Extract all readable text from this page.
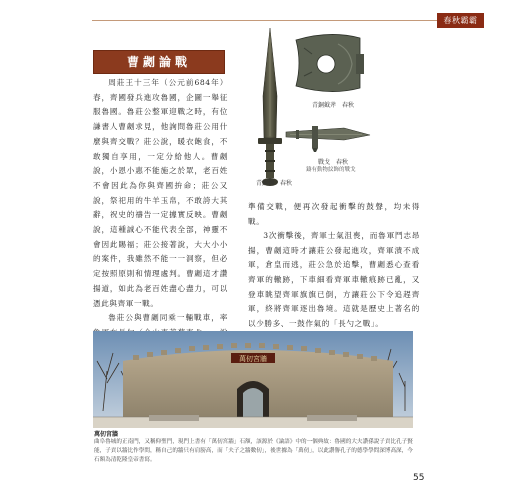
春秋霸霸
曹劌論戰

周莊王十三年（公元前684年）春，齊國發兵進攻魯國，企圖一舉征服魯國。魯莊公整軍迎戰之時，有位謙書人曹劌求見，他詢問魯莊公用什麼與齊交戰？莊公說，暖衣飽食，不敢獨自享用，一定分給他人。曹劌說，小恩小惠不能施之於眾，老百姓不會因此為你與齊國拚命；莊公又說，祭祀用的牛羊玉帛，不敢誇大其辭，祝史的禱告一定據實反映。曹劌說，這種誠心不能代表全部，神靈不會因此賜福；莊公接著說，大大小小的案件，我雖然不能一一洞察，但必定按照原則和情理處判。曹劌這才讚揚道，如此為老百姓盡心盡力，可以憑此與齊軍一戰。

魯莊公與曹劌同乘一輛戰車，率

青銅鉞斧　春秋
戰戈　春秋
鑄有動物紋飾的戰戈
青銅劍　春秋

準備交戰，便再次發起衝擊的鼓聲，均未得戰。

3次衝擊後，齊軍士氣沮喪，而魯軍鬥志昂揚，曹劌這時才讓莊公發起進攻，齊軍潰不成軍，倉皇而逃，莊公急於追擊，曹劌悉心查看齊軍的轍跡，下車細看齊軍車轍痕跡已亂，又登車眺望齊軍旗旗已倒，方讓莊公下令追趕齊軍，終將齊軍逐出魯境。這就是歷史上著名的以少勝多、一鼓作氣的「長勺之戰」。

萬仞宮牆
萬仞宮牆
曲阜魯城的正南門，又稱仰聖門，現門上書有「萬仞宮牆」石額，該源於《論語》中的一個典故：魯國的大夫讚孫說子貢比孔子賢能，子貢以牆比作學問，稱自己的牆只有肩膀高，而「夫子之牆數仞」，後世據為「萬仞」，以此讚譽孔子的德學學問深博高深，今石額為清乾隆皇帝書寫。
55
